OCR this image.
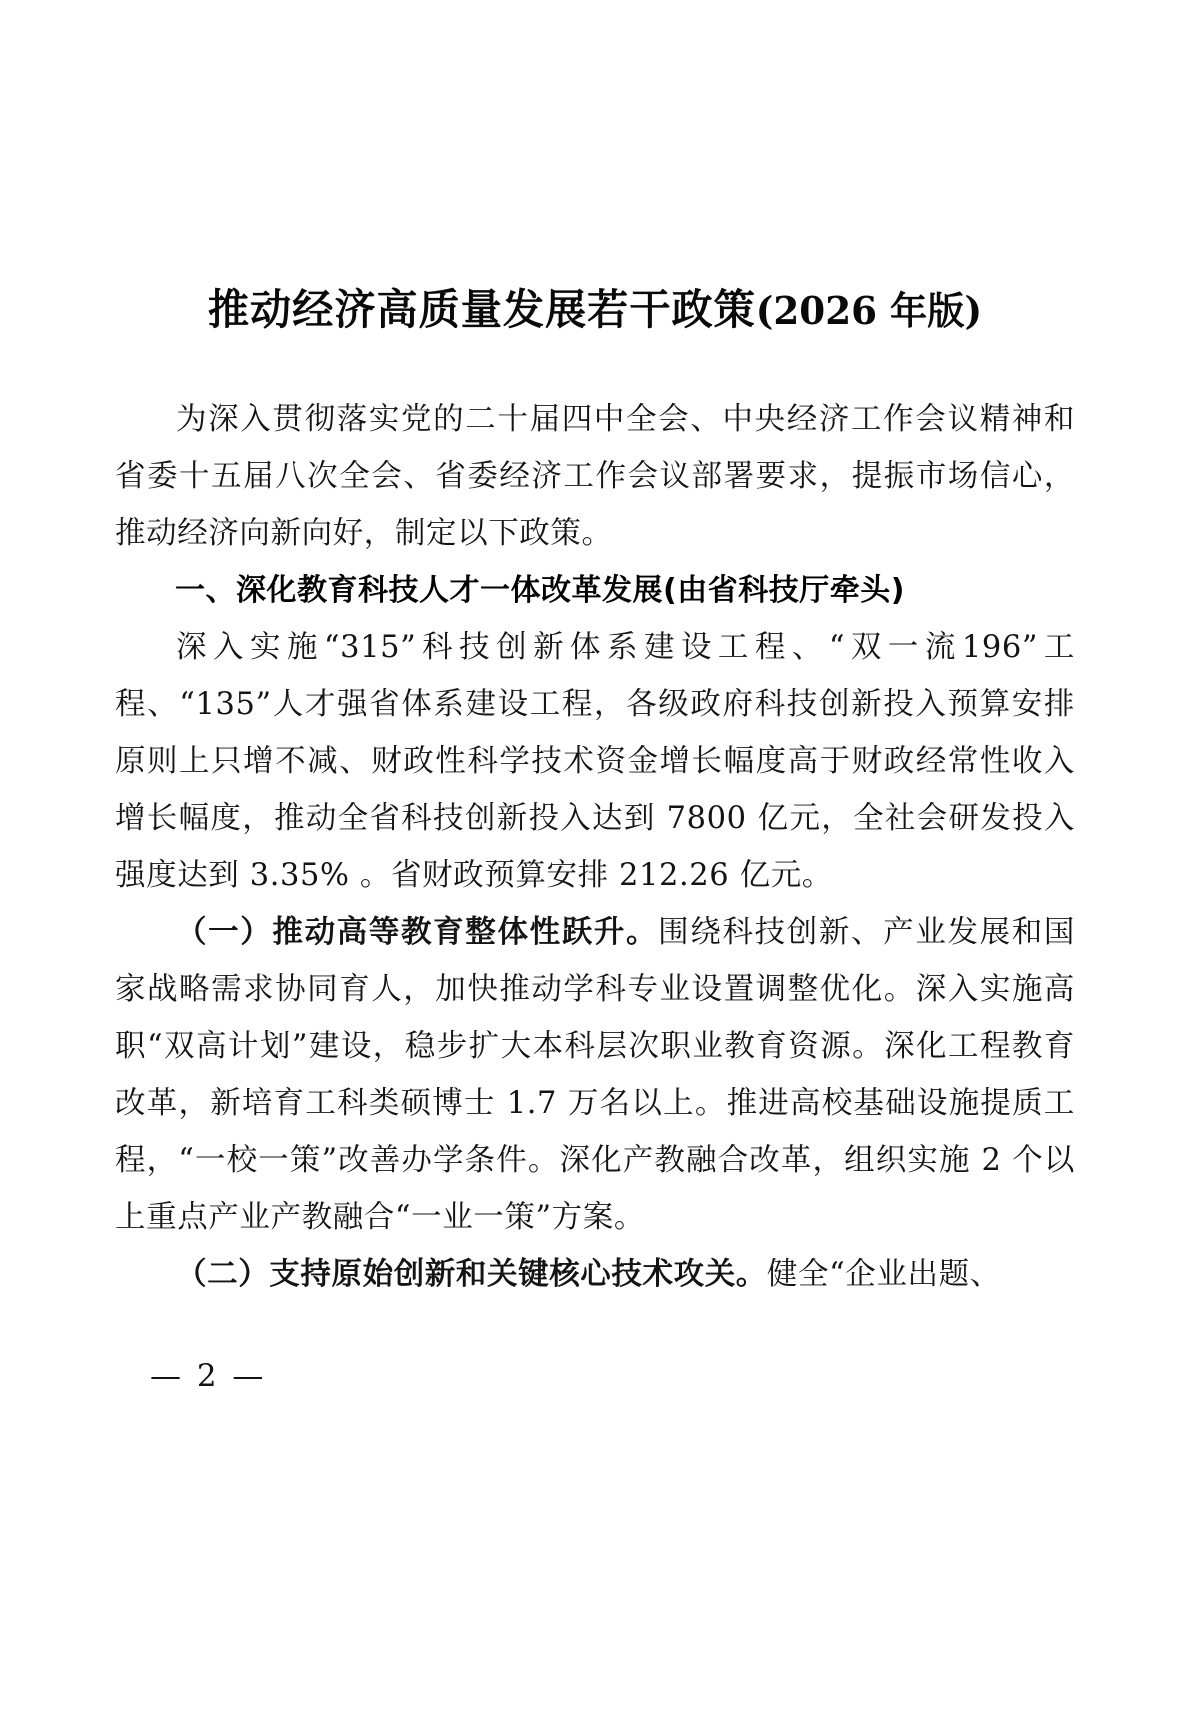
推动经济高质量发展若干政策(2026 年版)

为深入贯彻落实党的二十届四中全会、中央经济工作会议精神和省委十五届八次全会、省委经济工作会议部署要求，提振市场信心，推动经济向新向好，制定以下政策。

一、深化教育科技人才一体改革发展(由省科技厅牵头)

深入实施“315”科技创新体系建设工程、“双一流196”工程、“135”人才强省体系建设工程，各级政府科技创新投入预算安排原则上只增不减、财政性科学技术资金增长幅度高于财政经常性收入增长幅度，推动全省科技创新投入达到 7800 亿元，全社会研发投入强度达到 3.35% 。省财政预算安排 212.26 亿元。

（一）推动高等教育整体性跃升。围绕科技创新、产业发展和国家战略需求协同育人，加快推动学科专业设置调整优化。深入实施高职“双高计划”建设，稳步扩大本科层次职业教育资源。深化工程教育改革，新培育工科类硕博士 1.7 万名以上。推进高校基础设施提质工程，“一校一策”改善办学条件。深化产教融合改革，组织实施 2 个以上重点产业产教融合“一业一策”方案。

（二）支持原始创新和关键核心技术攻关。健全“企业出题、

— 2 —
